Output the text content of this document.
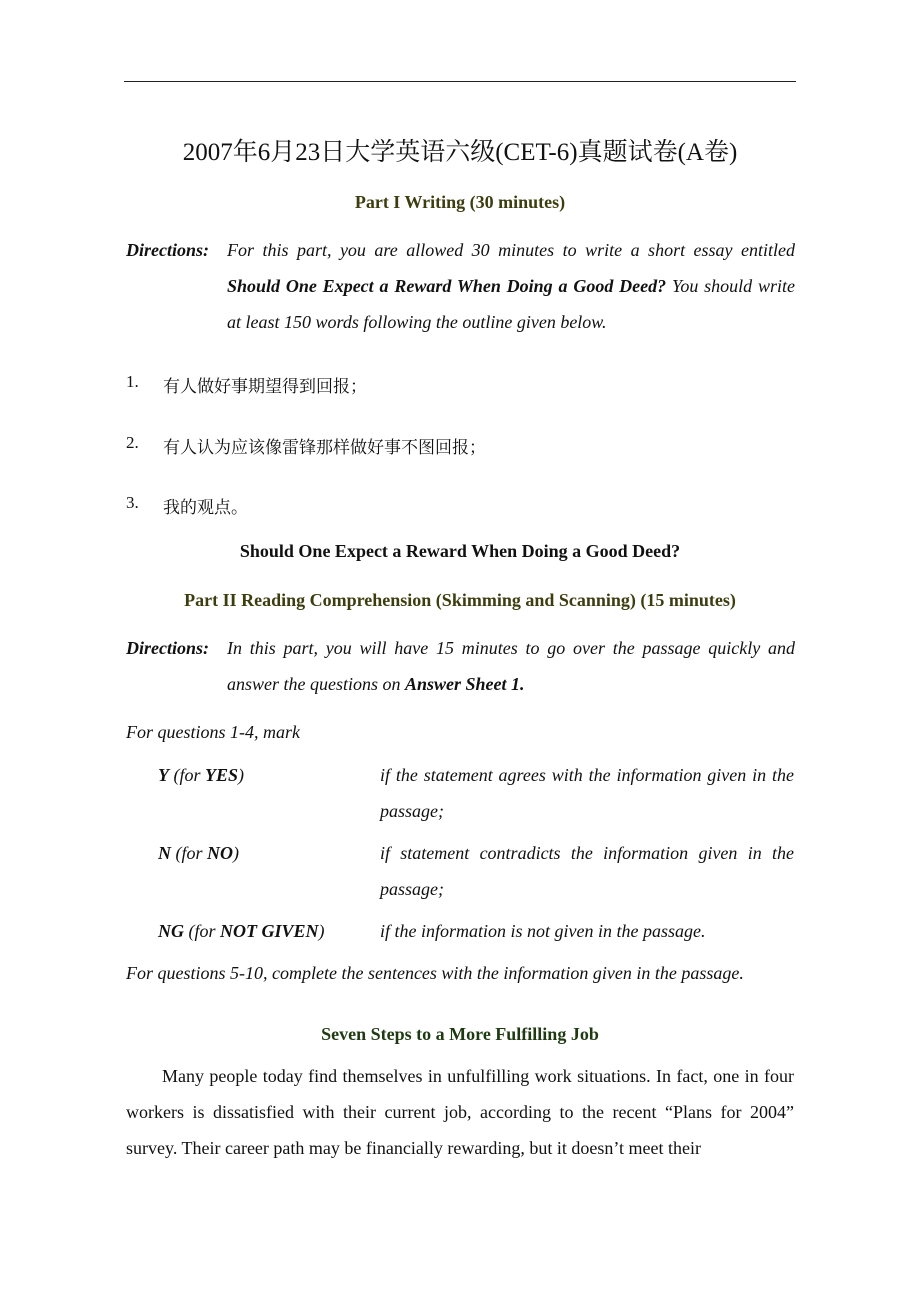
2007年6月23日大学英语六级(CET-6)真题试卷(A卷)
Part I Writing (30 minutes)
Directions: For this part, you are allowed 30 minutes to write a short essay entitled Should One Expect a Reward When Doing a Good Deed? You should write at least 150 words following the outline given below.
1. 有人做好事期望得到回报；
2. 有人认为应该像雷锋那样做好事不图回报；
3. 我的观点。
Should One Expect a Reward When Doing a Good Deed?
Part II Reading Comprehension (Skimming and Scanning) (15 minutes)
Directions: In this part, you will have 15 minutes to go over the passage quickly and answer the questions on Answer Sheet 1.
For questions 1-4, mark
Y (for YES)	if the statement agrees with the information given in the passage;
N (for NO)	if statement contradicts the information given in the passage;
NG (for NOT GIVEN)	if the information is not given in the passage.
For questions 5-10, complete the sentences with the information given in the passage.
Seven Steps to a More Fulfilling Job
Many people today find themselves in unfulfilling work situations. In fact, one in four workers is dissatisfied with their current job, according to the recent “Plans for 2004” survey. Their career path may be financially rewarding, but it doesn’t meet their
